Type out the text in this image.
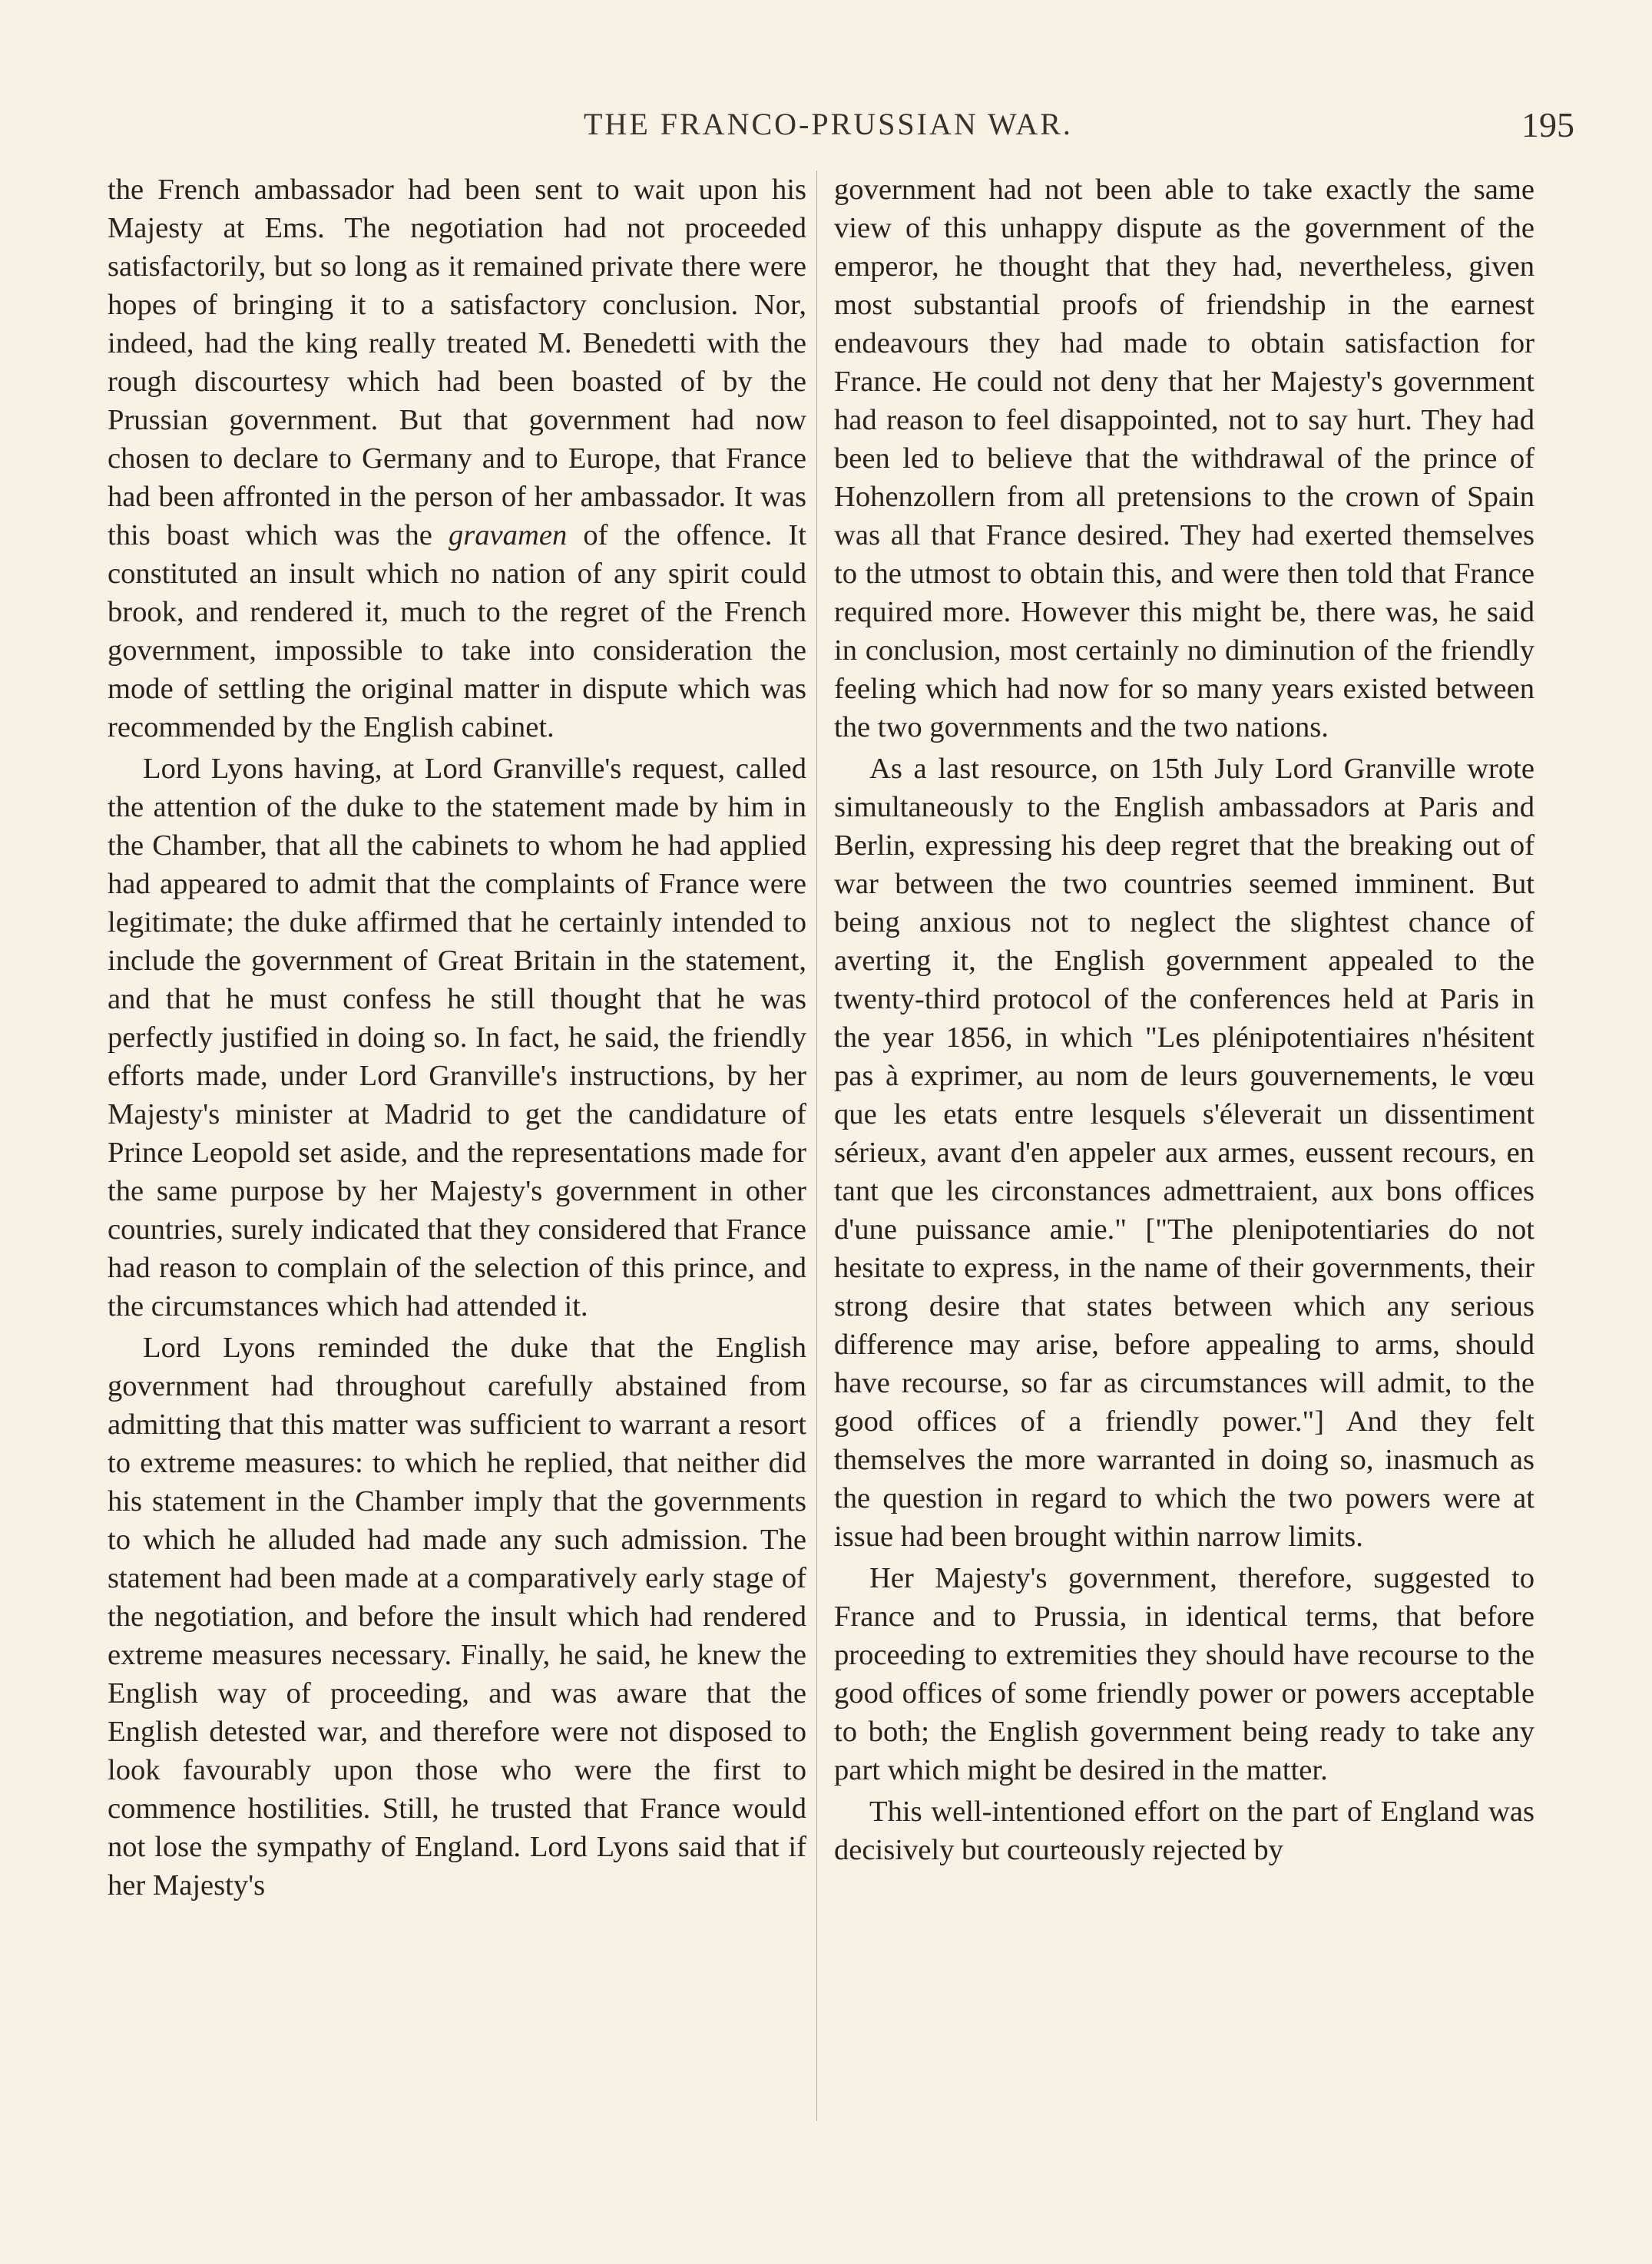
THE FRANCO-PRUSSIAN WAR.	195

the French ambassador had been sent to wait upon his Majesty at Ems. The negotiation had not proceeded satisfactorily, but so long as it remained private there were hopes of bringing it to a satisfactory conclusion. Nor, indeed, had the king really treated M. Benedetti with the rough discourtesy which had been boasted of by the Prussian government. But that government had now chosen to declare to Germany and to Europe, that France had been affronted in the person of her ambassador. It was this boast which was the gravamen of the offence. It constituted an insult which no nation of any spirit could brook, and rendered it, much to the regret of the French government, impossible to take into consideration the mode of settling the original matter in dispute which was recommended by the English cabinet.

Lord Lyons having, at Lord Granville's request, called the attention of the duke to the statement made by him in the Chamber, that all the cabinets to whom he had applied had appeared to admit that the complaints of France were legitimate; the duke affirmed that he certainly intended to include the government of Great Britain in the statement, and that he must confess he still thought that he was perfectly justified in doing so. In fact, he said, the friendly efforts made, under Lord Granville's instructions, by her Majesty's minister at Madrid to get the candidature of Prince Leopold set aside, and the representations made for the same purpose by her Majesty's government in other countries, surely indicated that they considered that France had reason to complain of the selection of this prince, and the circumstances which had attended it.

Lord Lyons reminded the duke that the English government had throughout carefully abstained from admitting that this matter was sufficient to warrant a resort to extreme measures: to which he replied, that neither did his statement in the Chamber imply that the governments to which he alluded had made any such admission. The statement had been made at a comparatively early stage of the negotiation, and before the insult which had rendered extreme measures necessary. Finally, he said, he knew the English way of proceeding, and was aware that the English detested war, and therefore were not disposed to look favourably upon those who were the first to commence hostilities. Still, he trusted that France would not lose the sympathy of England. Lord Lyons said that if her Majesty's

government had not been able to take exactly the same view of this unhappy dispute as the government of the emperor, he thought that they had, nevertheless, given most substantial proofs of friendship in the earnest endeavours they had made to obtain satisfaction for France. He could not deny that her Majesty's government had reason to feel disappointed, not to say hurt. They had been led to believe that the withdrawal of the prince of Hohenzollern from all pretensions to the crown of Spain was all that France desired. They had exerted themselves to the utmost to obtain this, and were then told that France required more. However this might be, there was, he said in conclusion, most certainly no diminution of the friendly feeling which had now for so many years existed between the two governments and the two nations.

As a last resource, on 15th July Lord Granville wrote simultaneously to the English ambassadors at Paris and Berlin, expressing his deep regret that the breaking out of war between the two countries seemed imminent. But being anxious not to neglect the slightest chance of averting it, the English government appealed to the twenty-third protocol of the conferences held at Paris in the year 1856, in which "Les plénipotentiaires n'hésitent pas à exprimer, au nom de leurs gouvernements, le vœu que les etats entre lesquels s'éleverait un dissentiment sérieux, avant d'en appeler aux armes, eussent recours, en tant que les circonstances admettraient, aux bons offices d'une puissance amie." ["The plenipotentiaries do not hesitate to express, in the name of their governments, their strong desire that states between which any serious difference may arise, before appealing to arms, should have recourse, so far as circumstances will admit, to the good offices of a friendly power."] And they felt themselves the more warranted in doing so, inasmuch as the question in regard to which the two powers were at issue had been brought within narrow limits.

Her Majesty's government, therefore, suggested to France and to Prussia, in identical terms, that before proceeding to extremities they should have recourse to the good offices of some friendly power or powers acceptable to both; the English government being ready to take any part which might be desired in the matter.

This well-intentioned effort on the part of England was decisively but courteously rejected by
